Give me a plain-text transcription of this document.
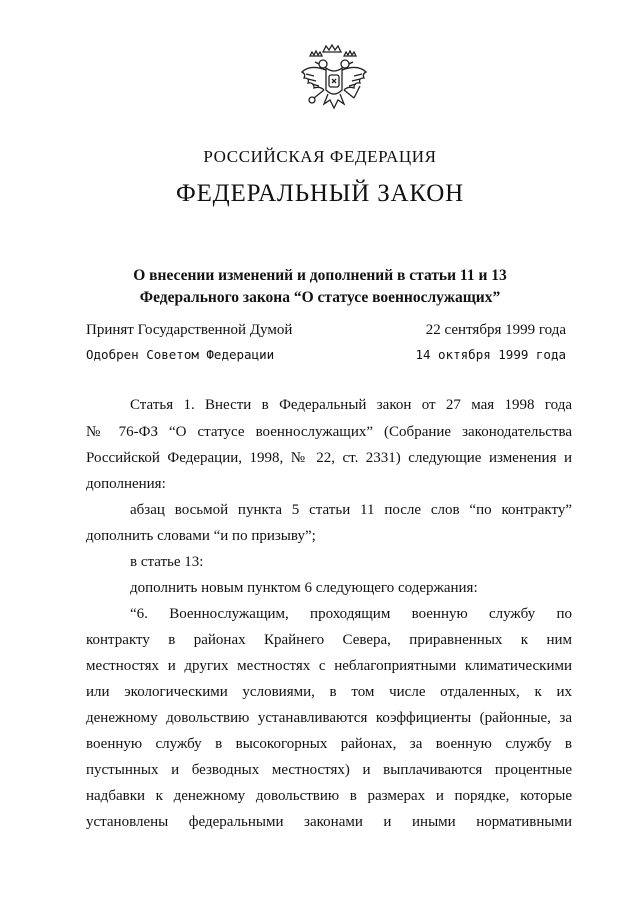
РОССИЙСКАЯ ФЕДЕРАЦИЯ
ФЕДЕРАЛЬНЫЙ ЗАКОН
О внесении изменений и дополнений в статьи 11 и 13
Федерального закона “О статусе военнослужащих”
Принят Государственной Думой	22 сентября 1999 года
Одобрен Советом Федерации	14 октября 1999 года
Статья 1. Внести в Федеральный закон от 27 мая 1998 года
№ 76-ФЗ “О статусе военнослужащих” (Собрание законодательства
Российской Федерации, 1998, № 22, ст. 2331) следующие изменения и
дополнения:
абзац восьмой пункта 5 статьи 11 после слов “по контракту”
дополнить словами “и по призыву”;
в статье 13:
дополнить новым пунктом 6 следующего содержания:
“6. Военнослужащим, проходящим военную службу по
контракту в районах Крайнего Севера, приравненных к ним
местностях и других местностях с неблагоприятными климатическими
или экологическими условиями, в том числе отдаленных, к их
денежному довольствию устанавливаются коэффициенты (районные, за
военную службу в высокогорных районах, за военную службу в
пустынных и безводных местностях) и выплачиваются процентные
надбавки к денежному довольствию в размерах и порядке, которые
установлены федеральными законами и иными нормативными
